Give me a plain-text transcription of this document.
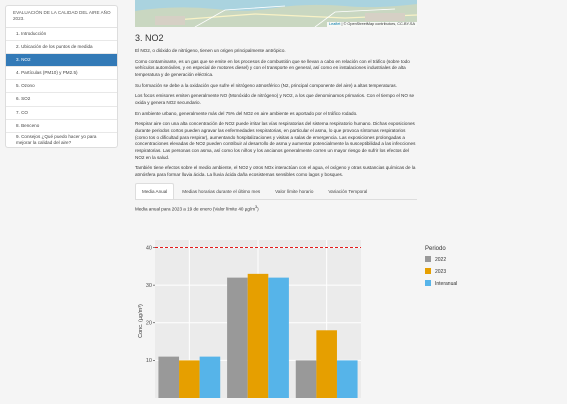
EVALUACIÓN DE LA CALIDAD DEL AIRE AÑO 2023.
1. Introducción
2. Ubicación de los puntos de medida
3. NO2
4. Partículas (PM10) y PM2.5)
5. Ozono
6. SO2
7. CO
8. Benceno
9. Consejos ¿Qué puedo hacer yo para mejorar la calidad del aire?
Leaflet | © OpenStreetMap contributors, CC-BY-SA
3. NO2

El NO2, o dióxido de nitrógeno, tienen un origen principalmente antrópico.

Como contaminante, es un gas que se emite en los procesos de combustión que se llevan a cabo en relación con el tráfico (sobre todo vehículos automóviles, y en especial de motores diesel) y con el transporte en general, así como en instalaciones industriales de alta temperatura y de generación eléctrica.

Su formación se debe a la oxidación que sufre el nitrógeno atmosférico (N2, principal componente del aire) a altas temperaturas.

Los focos emisores emiten generalmente NO (Monóxido de nitrógeno) y NO2, a los que denominamos primarios. Con el tiempo el NO se oxida y genera NO2 secundario.

En ambiente urbano, generalmente más del 75% del NO2 en aire ambiente es aportado por el tráfico rodado.

Respirar aire con una alta concentración de NO2 puede irritar las vías respiratorias del sistema respiratorio humano. Dichas exposiciones durante periodos cortos pueden agravar las enfermedades respiratorias, en particular el asma, lo que provoca síntomas respiratorios (como tos o dificultad para respirar), aumentando hospitalizaciones y visitas a salas de emergencia. Las exposiciones prolongadas a concentraciones elevadas de NO2 pueden contribuir al desarrollo de asma y aumentar potencialmente la susceptibilidad a las infecciones respiratorias. Las personas con asma, así como los niños y los ancianos generalmente corren un mayor riesgo de sufrir los efectos del NO2 en la salud.

También tiene efectos sobre el medio ambiente, el NO2 y otros NOx interactúan con el agua, el oxígeno y otras sustancias químicas de la atmósfera para formar lluvia ácida. La lluvia ácida daña ecosistemas sensibles como lagos y bosques.

Media Anual	Medias horarias durante el último mes	Valor límite horario	Variación Temporal
Media anual para 2023 a 19 de enero (Valor límite 40 $\mu g/m^3$)
10
20
30
40
Conc. (µg/m³)
Periodo
2022
2023
Interanual
